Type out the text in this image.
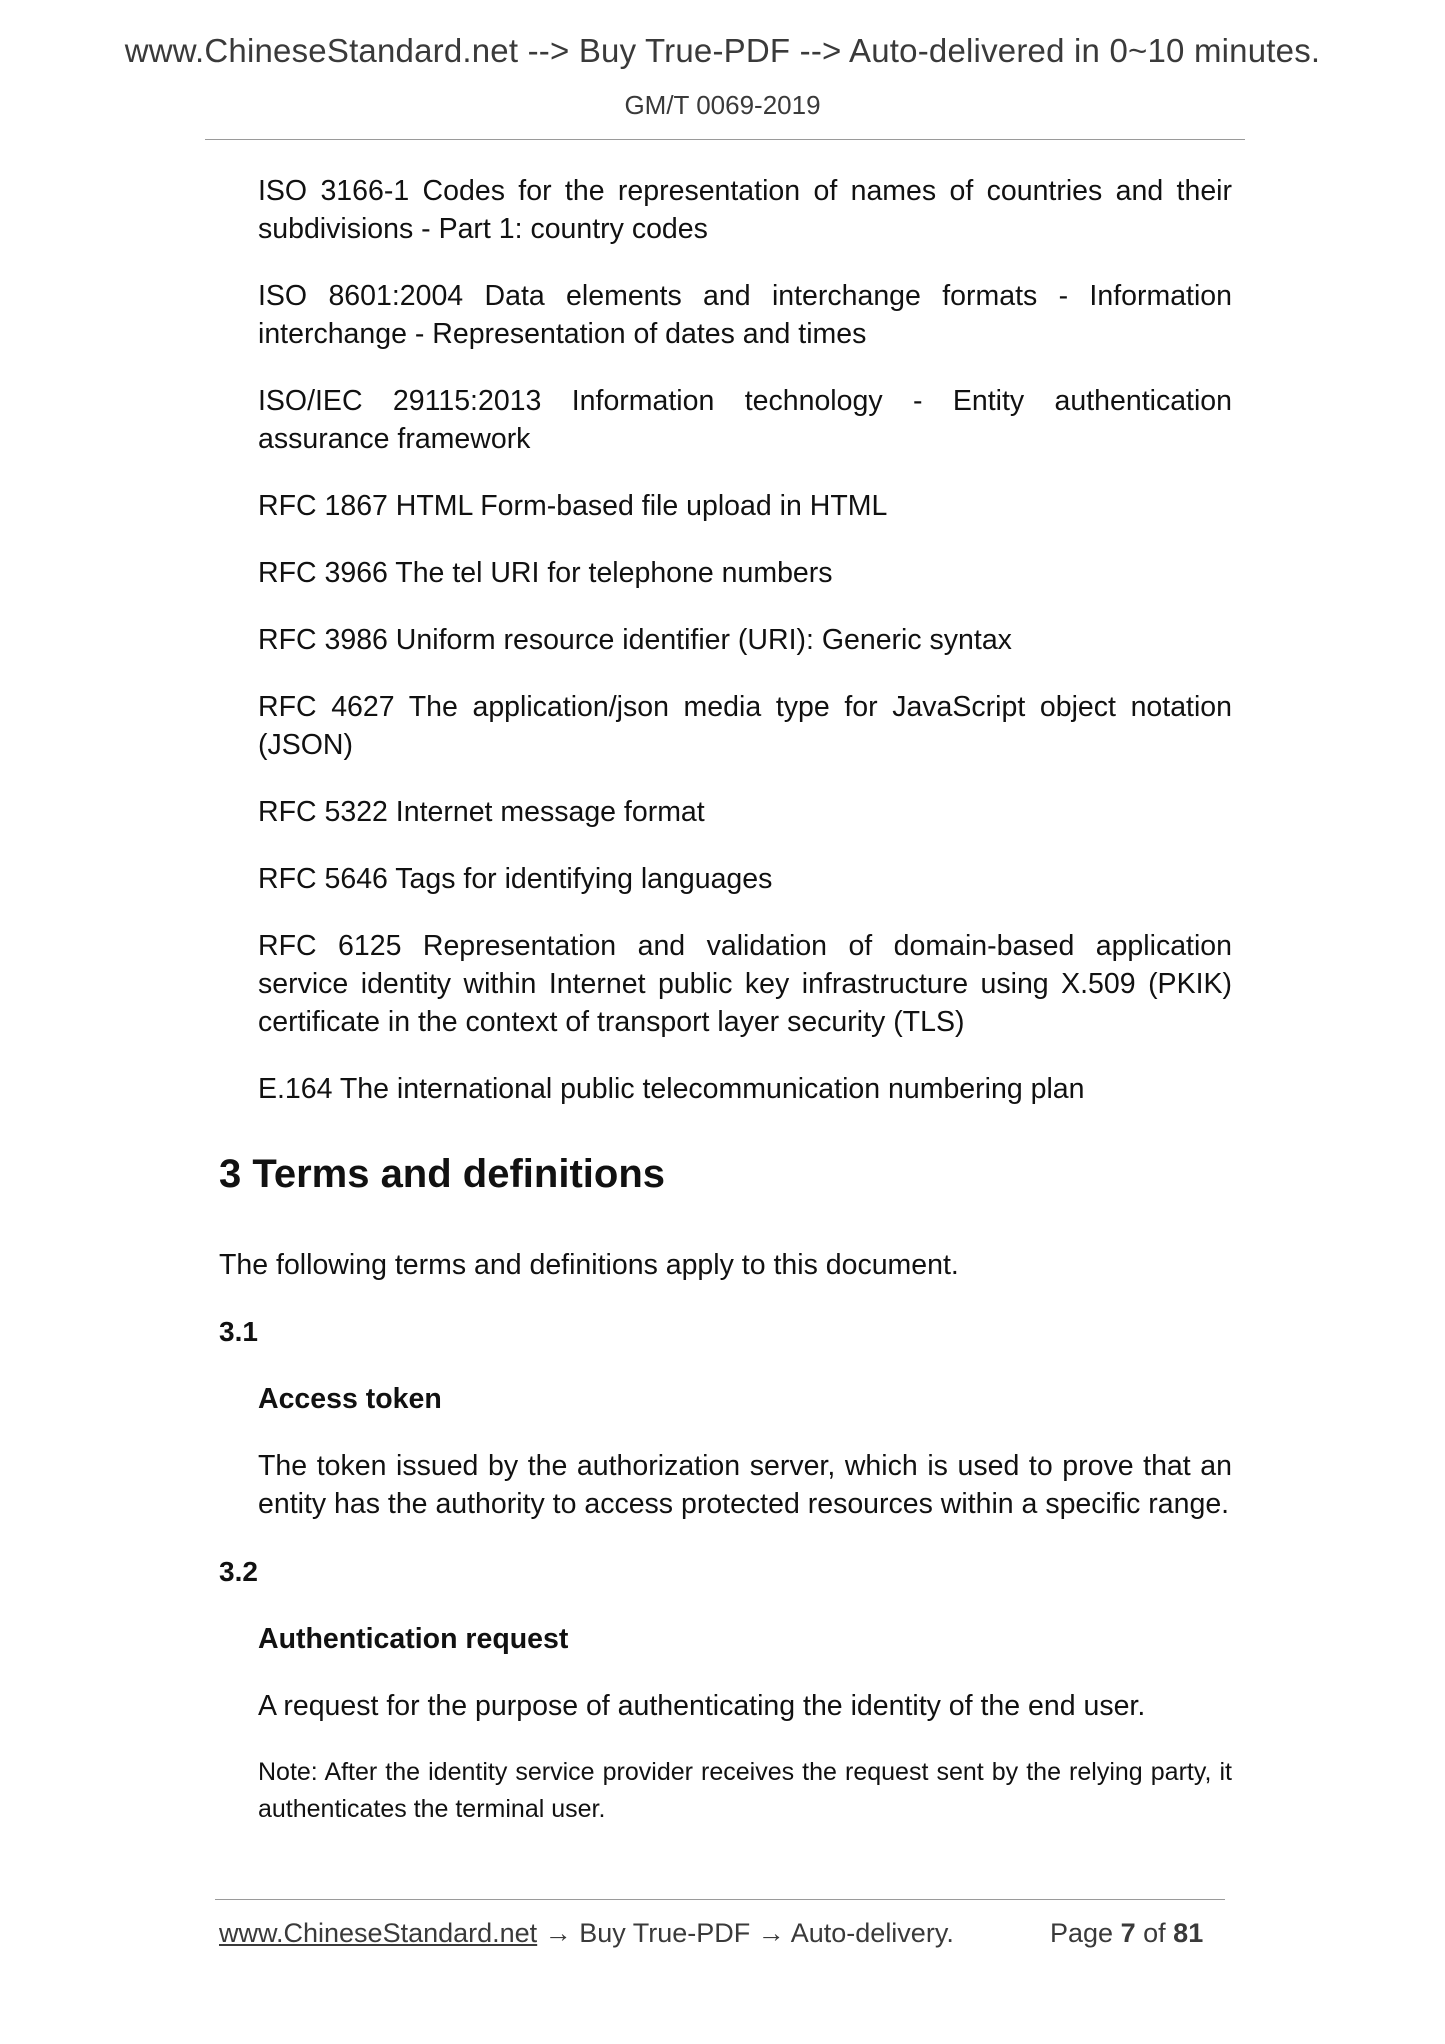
www.ChineseStandard.net --> Buy True-PDF --> Auto-delivered in 0~10 minutes.
GM/T 0069-2019
ISO 3166-1 Codes for the representation of names of countries and their subdivisions - Part 1: country codes
ISO 8601:2004 Data elements and interchange formats - Information interchange - Representation of dates and times
ISO/IEC 29115:2013 Information technology - Entity authentication assurance framework
RFC 1867 HTML Form-based file upload in HTML
RFC 3966 The tel URI for telephone numbers
RFC 3986 Uniform resource identifier (URI): Generic syntax
RFC 4627 The application/json media type for JavaScript object notation (JSON)
RFC 5322 Internet message format
RFC 5646 Tags for identifying languages
RFC 6125 Representation and validation of domain-based application service identity within Internet public key infrastructure using X.509 (PKIK) certificate in the context of transport layer security (TLS)
E.164 The international public telecommunication numbering plan
3 Terms and definitions

The following terms and definitions apply to this document.

3.1

Access token

The token issued by the authorization server, which is used to prove that an entity has the authority to access protected resources within a specific range.

3.2

Authentication request

A request for the purpose of authenticating the identity of the end user.

Note: After the identity service provider receives the request sent by the relying party, it authenticates the terminal user.

www.ChineseStandard.net → Buy True-PDF → Auto-delivery.	Page 7 of 81
